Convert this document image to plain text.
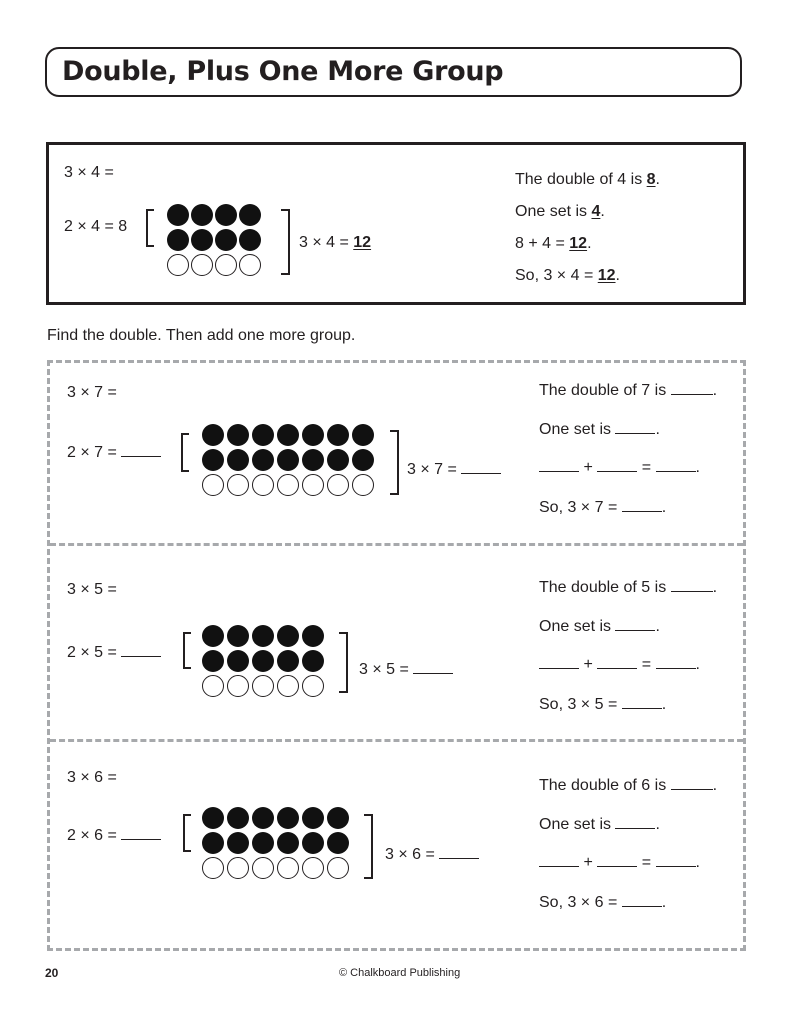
Double, Plus One More Group
3 × 4 =
2 × 4 = 8
3 × 4 = 12
The double of 4 is 8.
One set is 4.
8 + 4 = 12.
So, 3 × 4 = 12.
Find the double. Then add one more group.
3 × 7 =
2 × 7 =
3 × 7 =
The double of 7 is	.
One set is	.
+	=	.
So, 3 × 7 =	.
3 × 5 =
2 × 5 =
3 × 5 =
The double of 5 is	.
One set is	.
+	=	.
So, 3 × 5 =	.
3 × 6 =
2 × 6 =
3 × 6 =
The double of 6 is	.
One set is	.
+	=	.
So, 3 × 6 =	.
20	© Chalkboard Publishing
